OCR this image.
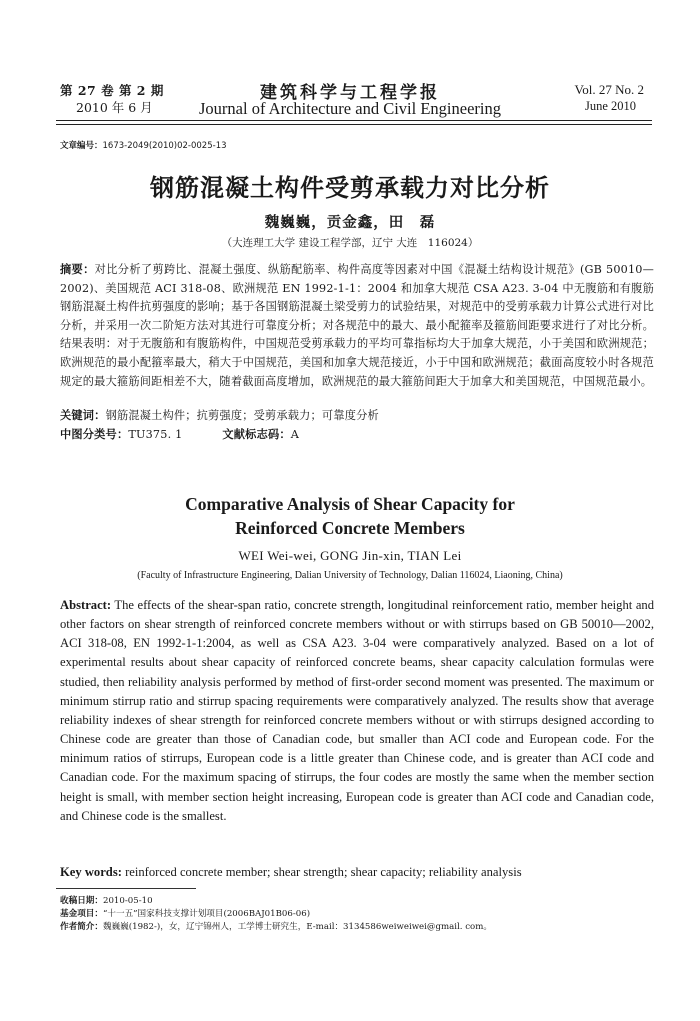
第 27 卷 第 2 期
2010 年 6 月
建筑科学与工程学报
Journal of Architecture and Civil Engineering
Vol. 27 No. 2
June 2010
文章编号：1673-2049(2010)02-0025-13
钢筋混凝土构件受剪承载力对比分析
魏巍巍，贡金鑫，田　磊
（大连理工大学 建设工程学部，辽宁 大连　116024）
摘要：对比分析了剪跨比、混凝土强度、纵筋配筋率、构件高度等因素对中国《混凝土结构设计规范》(GB 50010—2002)、美国规范 ACI 318-08、欧洲规范 EN 1992-1-1：2004 和加拿大规范 CSA A23. 3-04 中无腹筋和有腹筋钢筋混凝土构件抗剪强度的影响；基于各国钢筋混凝土梁受剪力的试验结果，对规范中的受剪承载力计算公式进行对比分析，并采用一次二阶矩方法对其进行可靠度分析；对各规范中的最大、最小配箍率及箍筋间距要求进行了对比分析。结果表明：对于无腹筋和有腹筋构件，中国规范受剪承载力的平均可靠指标均大于加拿大规范，小于美国和欧洲规范；欧洲规范的最小配箍率最大，稍大于中国规范，美国和加拿大规范接近，小于中国和欧洲规范；截面高度较小时各规范规定的最大箍筋间距相差不大，随着截面高度增加，欧洲规范的最大箍筋间距大于加拿大和美国规范，中国规范最小。
关键词：钢筋混凝土构件；抗剪强度；受剪承载力；可靠度分析
中图分类号：TU375. 1	文献标志码：A
Comparative Analysis of Shear Capacity for
Reinforced Concrete Members
WEI Wei-wei, GONG Jin-xin, TIAN Lei
(Faculty of Infrastructure Engineering, Dalian University of Technology, Dalian 116024, Liaoning, China)
Abstract: The effects of the shear-span ratio, concrete strength, longitudinal reinforcement ratio, member height and other factors on shear strength of reinforced concrete members without or with stirrups based on GB 50010—2002, ACI 318-08, EN 1992-1-1:2004, as well as CSA A23. 3-04 were comparatively analyzed. Based on a lot of experimental results about shear capacity of reinforced concrete beams, shear capacity calculation formulas were studied, then reliability analysis performed by method of first-order second moment was presented. The maximum or minimum stirrup ratio and stirrup spacing requirements were comparatively analyzed. The results show that average reliability indexes of shear strength for reinforced concrete members without or with stirrups designed according to Chinese code are greater than those of Canadian code, but smaller than ACI code and European code. For the minimum ratios of stirrups, European code is a little greater than Chinese code, and is greater than ACI code and Canadian code. For the maximum spacing of stirrups, the four codes are mostly the same when the member section height is small, with member section height increasing, European code is greater than ACI code and Canadian code, and Chinese code is the smallest.
Key words: reinforced concrete member; shear strength; shear capacity; reliability analysis
收稿日期：2010-05-10
基金项目：“十一五”国家科技支撑计划项目(2006BAJ01B06-06)
作者简介：魏巍巍(1982-)，女，辽宁锦州人，工学博士研究生，E-mail：3134586weiweiwei@gmail. com。
